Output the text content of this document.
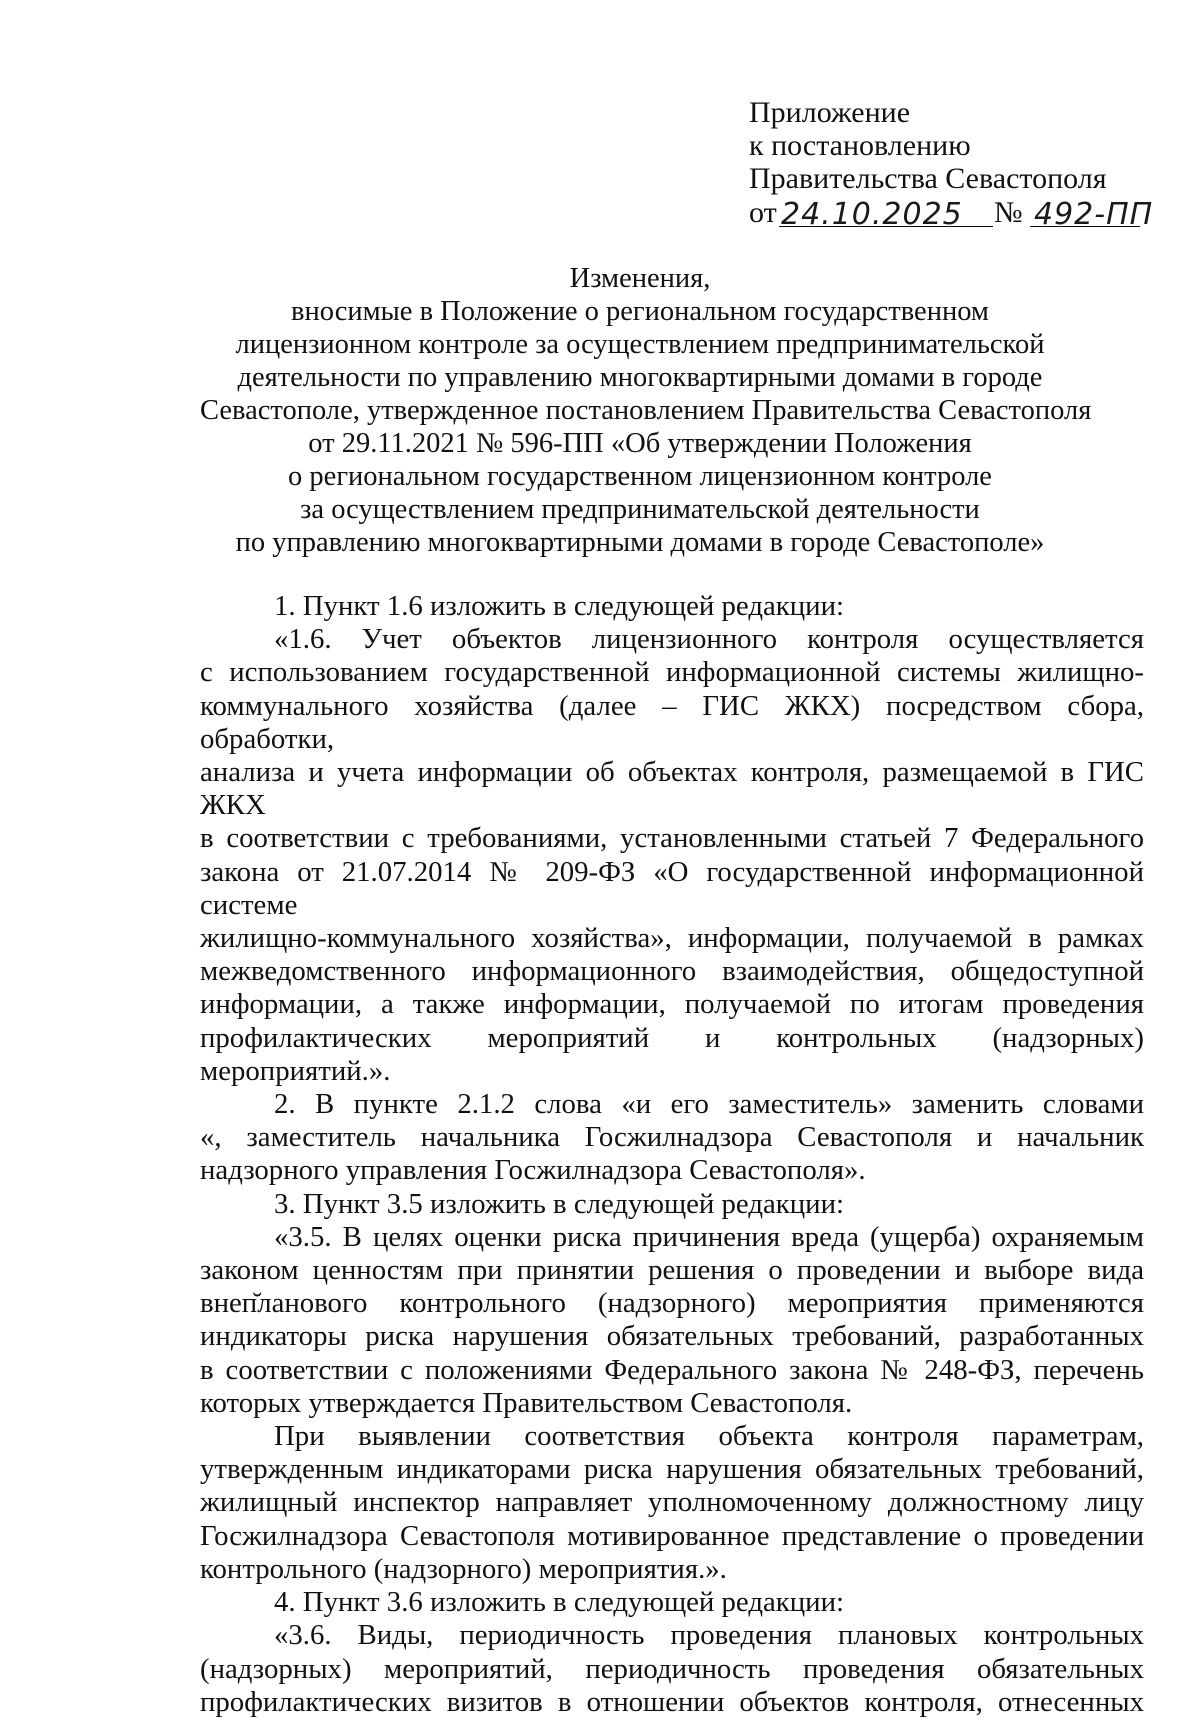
Приложение
к постановлению
Правительства Севастополя
от 24.10.2025 № 492-ПП
Изменения,
вносимые в Положение о региональном государственном
лицензионном контроле за осуществлением предпринимательской
деятельности по управлению многоквартирными домами в городе
Севастополе, утвержденное постановлением Правительства Севастополя
от 29.11.2021 № 596-ПП «Об утверждении Положения
о региональном государственном лицензионном контроле
за осуществлением предпринимательской деятельности
по управлению многоквартирными домами в городе Севастополе»

1. Пункт 1.6 изложить в следующей редакции:

«1.6. Учет объектов лицензионного контроля осуществляется
с использованием государственной информационной системы жилищно-
коммунального хозяйства (далее – ГИС ЖКХ) посредством сбора, обработки,
анализа и учета информации об объектах контроля, размещаемой в ГИС ЖКХ
в соответствии с требованиями, установленными статьей 7 Федерального
закона от 21.07.2014 № 209-ФЗ «О государственной информационной системе
жилищно-коммунального хозяйства», информации, получаемой в рамках
межведомственного информационного взаимодействия, общедоступной
информации, а также информации, получаемой по итогам проведения
профилактических мероприятий и контрольных (надзорных) мероприятий.».
2. В пункте 2.1.2 слова «и его заместитель» заменить словами
«, заместитель начальника Госжилнадзора Севастополя и начальник
надзорного управления Госжилнадзора Севастополя».

3. Пункт 3.5 изложить в следующей редакции:

«3.5. В целях оценки риска причинения вреда (ущерба) охраняемым
законом ценностям при принятии решения о проведении и выборе вида
внеп̆ланового контрольного (надзорного) мероприятия применяются
индикаторы риска нарушения обязательных требований, разработанных
в соответствии с положениями Федерального закона № 248-ФЗ, перечень
которых утверждается Правительством Севастополя.
При выявлении соответствия объекта контроля параметрам,
утвержденным индикаторами риска нарушения обязательных требований,
жилищный инспектор направляет уполномоченному должностному лицу
Госжилнадзора Севастополя мотивированное представление о проведении
контрольного (надзорного) мероприятия.».

4. Пункт 3.6 изложить в следующей редакции:

«3.6. Виды, периодичность проведения плановых контрольных
(надзорных) мероприятий, периодичность проведения обязательных
профилактических визитов в отношении объектов контроля, отнесенных
